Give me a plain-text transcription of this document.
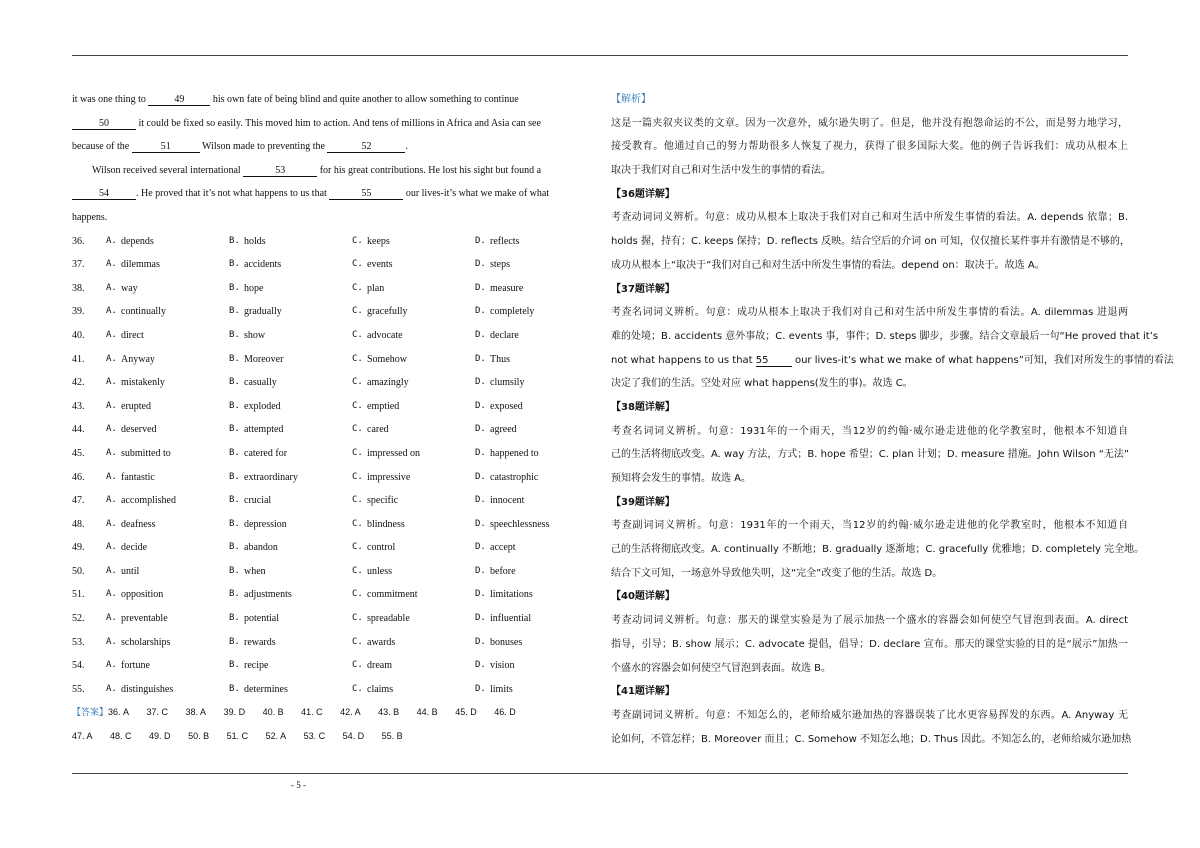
it was one thing to	49	his own fate of being blind and quite another to allow something to continue
50	it could be fixed so easily. This moved him to action. And tens of millions in Africa and Asia can see
because of the	51	Wilson made to preventing the	52	.
Wilson received several international	53	for his great contributions. He lost his sight but found a
54	. He proved that it’s not what happens to us that	55	our lives-it’s what we make of what
happens.
36.	A. depends	B. holds	C. keeps	D. reflects
37.	A. dilemmas	B. accidents	C. events	D. steps
38.	A. way	B. hope	C. plan	D. measure
39.	A. continually	B. gradually	C. gracefully	D. completely
40.	A. direct	B. show	C. advocate	D. declare
41.	A. Anyway	B. Moreover	C. Somehow	D. Thus
42.	A. mistakenly	B. casually	C. amazingly	D. clumsily
43.	A. erupted	B. exploded	C. emptied	D. exposed
44.	A. deserved	B. attempted	C. cared	D. agreed
45.	A. submitted to	B. catered for	C. impressed on	D. happened to
46.	A. fantastic	B. extraordinary	C. impressive	D. catastrophic
47.	A. accomplished	B. crucial	C. specific	D. innocent
48.	A. deafness	B. depression	C. blindness	D. speechlessness
49.	A. decide	B. abandon	C. control	D. accept
50.	A. until	B. when	C. unless	D. before
51.	A. opposition	B. adjustments	C. commitment	D. limitations
52.	A. preventable	B. potential	C. spreadable	D. influential
53.	A. scholarships	B. rewards	C. awards	D. bonuses
54.	A. fortune	B. recipe	C. dream	D. vision
55.	A. distinguishes	B. determines	C. claims	D. limits
【答案】36. A 37. C 38. A 39. D 40. B 41. C 42. A 43. B 44. B 45. D 46. D
47. A 48. C 49. D 50. B 51. C 52. A 53. C 54. D 55. B
【解析】
这是一篇夹叙夹议类的文章。因为一次意外，威尔逊失明了。但是，他并没有抱怨命运的不公，而是努力地学习，
接受教育。他通过自己的努力帮助很多人恢复了视力，获得了很多国际大奖。他的例子告诉我们：成功从根本上
取决于我们对自己和对生活中发生的事情的看法。
【36题详解】
考查动词词义辨析。句意：成功从根本上取决于我们对自己和对生活中所发生事情的看法。A. depends 依靠；B.
holds 握，持有；C. keeps 保持；D. reflects 反映。结合空后的介词 on 可知，仅仅擅长某件事并有激情是不够的，
成功从根本上“取决于”我们对自己和对生活中所发生事情的看法。depend on：取决于。故选 A。
【37题详解】
考查名词词义辨析。句意：成功从根本上取决于我们对自己和对生活中所发生事情的看法。A. dilemmas 进退两
难的处境；B. accidents 意外事故；C. events 事，事件；D. steps 脚步，步骤。结合文章最后一句“He proved that it’s
not what happens to us that 55 our lives-it’s what we make of what happens”可知，我们对所发生的事情的看法
决定了我们的生活。空处对应 what happens(发生的事)。故选 C。
【38题详解】
考查名词词义辨析。句意：1931年的一个雨天，当12岁的约翰·威尔逊走进他的化学教室时，他根本不知道自
己的生活将彻底改变。A. way 方法，方式；B. hope 希望；C. plan 计划；D. measure 措施。John Wilson “无法”
预知将会发生的事情。故选 A。
【39题详解】
考查副词词义辨析。句意：1931年的一个雨天，当12岁的约翰·威尔逊走进他的化学教室时，他根本不知道自
己的生活将彻底改变。A. continually 不断地；B. gradually 逐渐地；C. gracefully 优雅地；D. completely 完全地。
结合下文可知，一场意外导致他失明，这“完全”改变了他的生活。故选 D。
【40题详解】
考查动词词义辨析。句意：那天的课堂实验是为了展示加热一个盛水的容器会如何使空气冒泡到表面。A. direct
指导，引导；B. show 展示；C. advocate 提倡，倡导；D. declare 宣布。那天的课堂实验的目的是“展示”加热一
个盛水的容器会如何使空气冒泡到表面。故选 B。
【41题详解】
考查副词词义辨析。句意：不知怎么的，老师给威尔逊加热的容器误装了比水更容易挥发的东西。A. Anyway 无
论如何，不管怎样；B. Moreover 而且；C. Somehow 不知怎么地；D. Thus 因此。不知怎么的，老师给威尔逊加热
- 5 -
